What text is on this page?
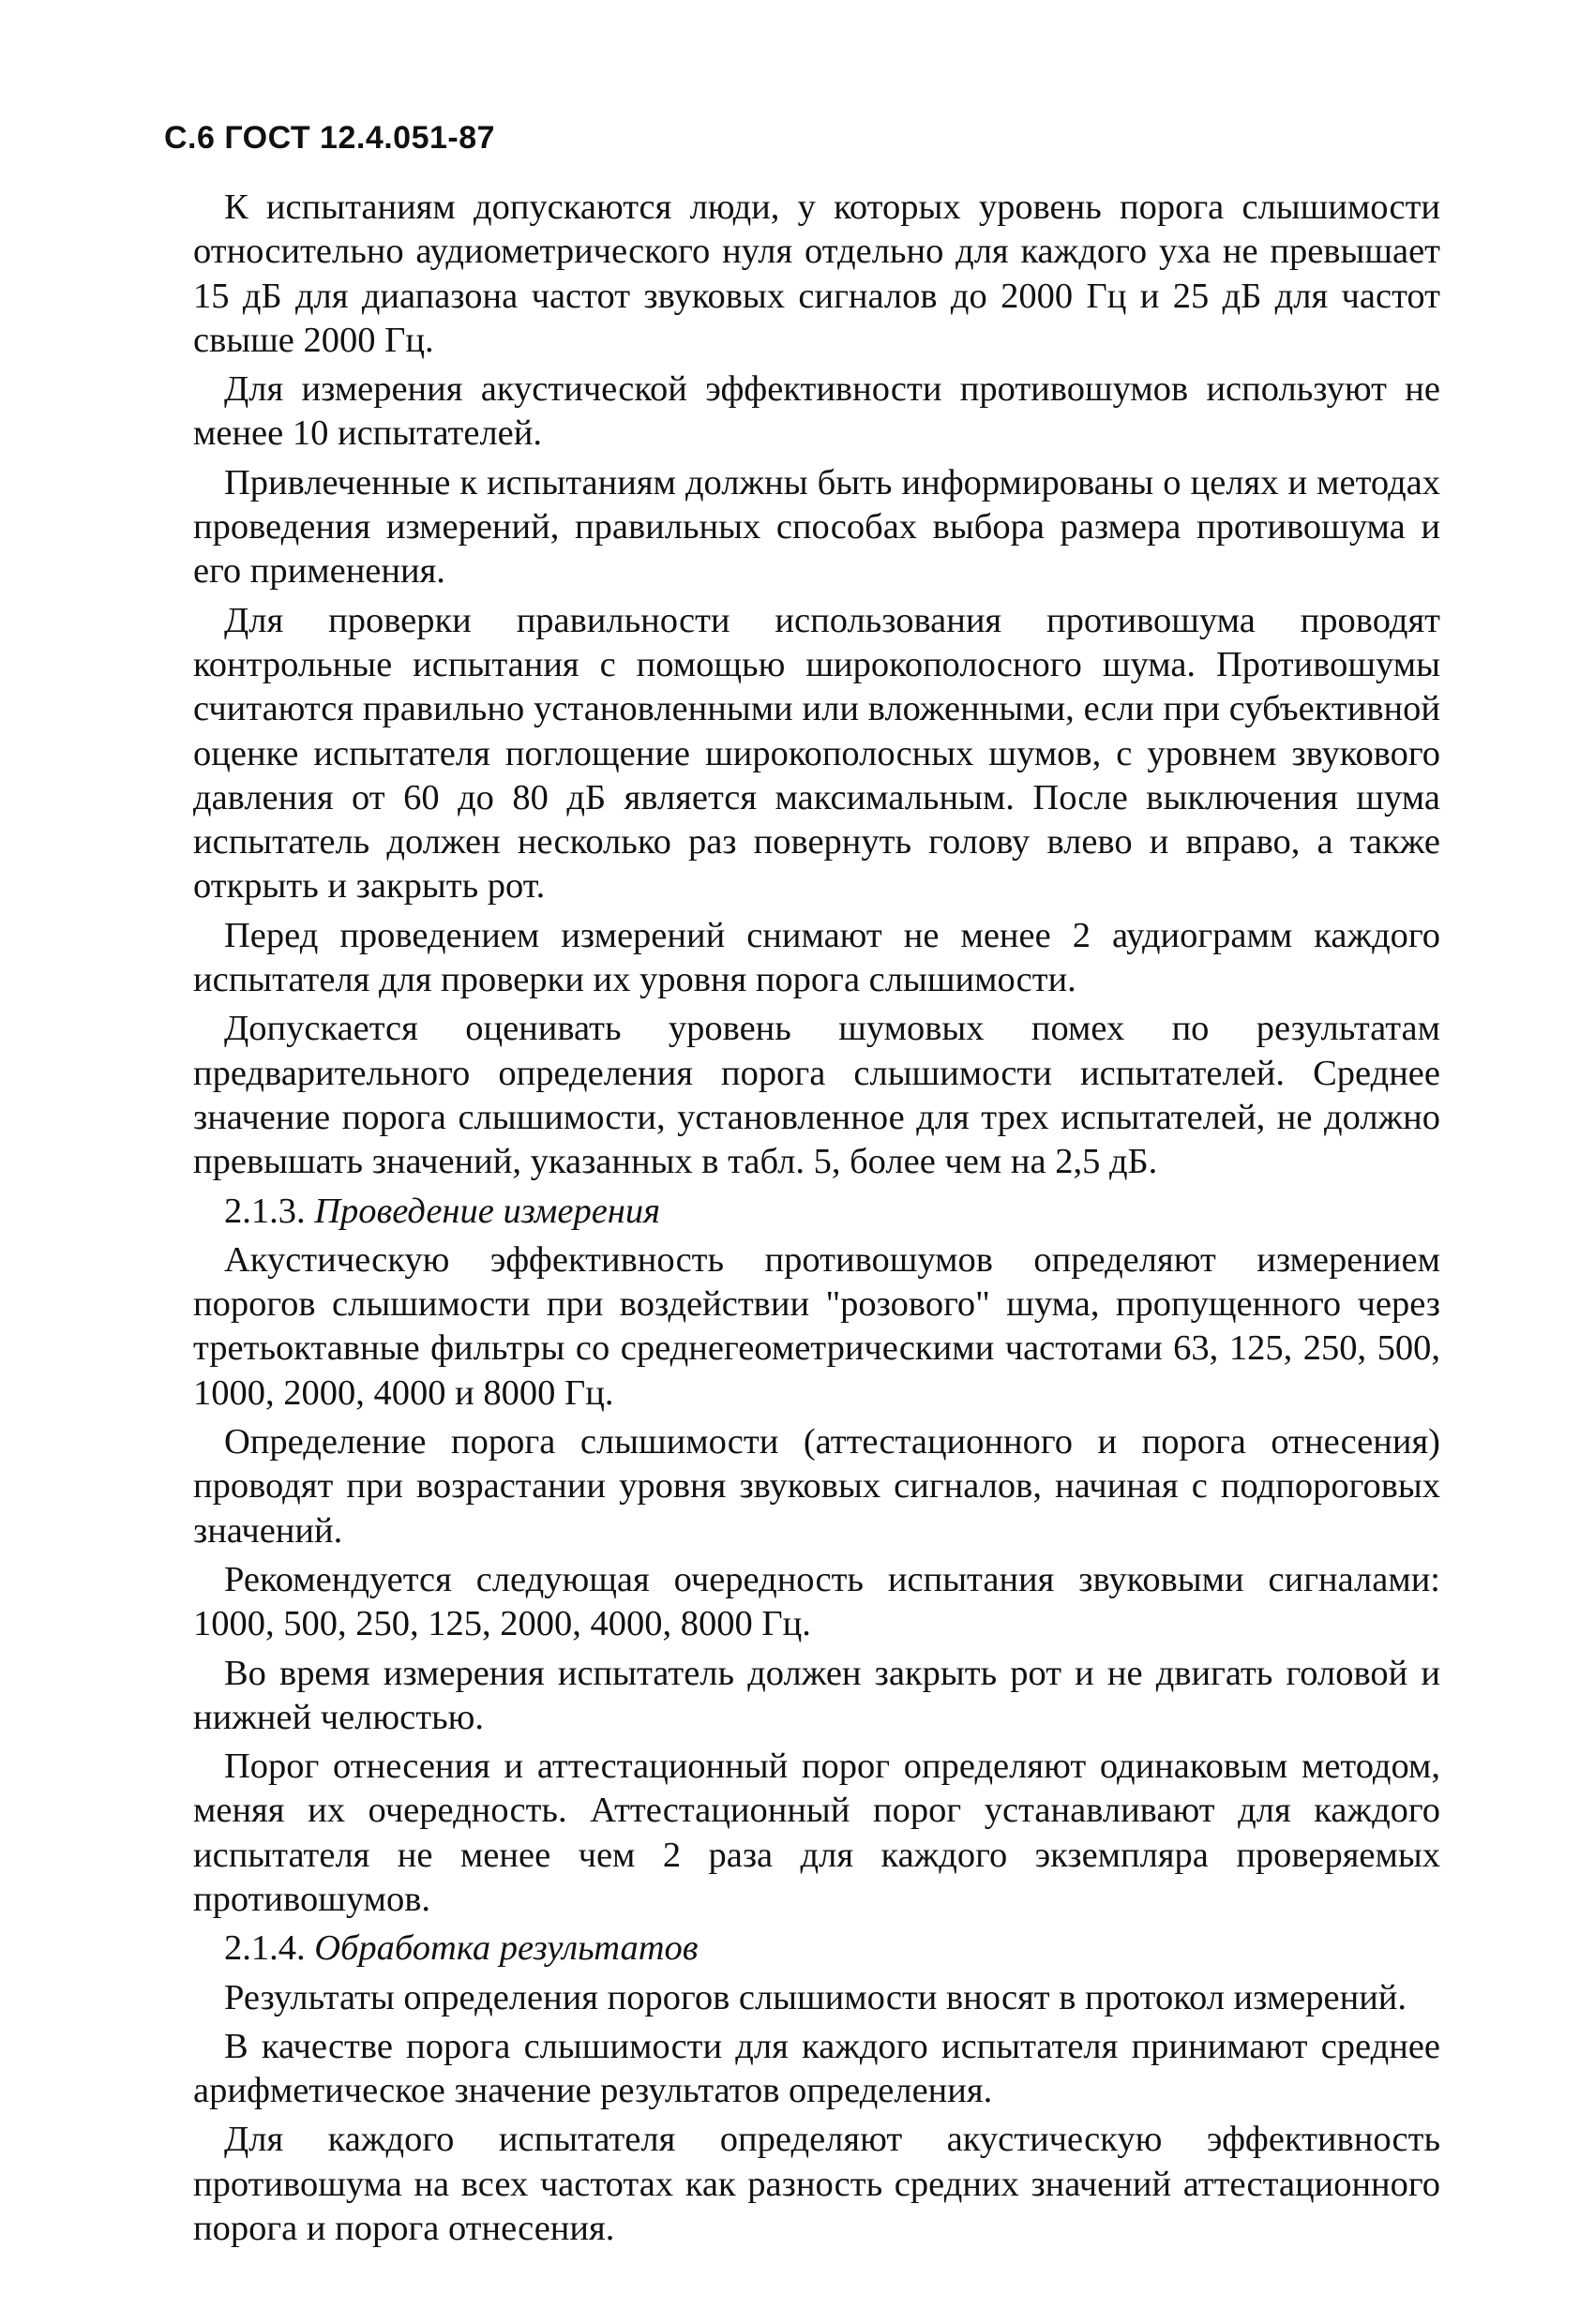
С.6 ГОСТ 12.4.051-87

К испытаниям допускаются люди, у которых уровень порога слышимости относительно аудиометрического нуля отдельно для каждого уха не превышает 15 дБ для диапазона частот звуковых сигналов до 2000 Гц и 25 дБ для частот свыше 2000 Гц.

Для измерения акустической эффективности противошумов используют не менее 10 испытателей.

Привлеченные к испытаниям должны быть информированы о целях и методах проведения измерений, правильных способах выбора размера противошума и его применения.

Для проверки правильности использования противошума проводят контрольные испытания с помощью широкополосного шума. Противошумы считаются правильно установленными или вложенными, если при субъективной оценке испытателя поглощение широкополосных шумов, с уровнем звукового давления от 60 до 80 дБ является максимальным. После выключения шума испытатель должен несколько раз повернуть голову влево и вправо, а также открыть и закрыть рот.

Перед проведением измерений снимают не менее 2 аудиограмм каждого испытателя для проверки их уровня порога слышимости.

Допускается оценивать уровень шумовых помех по результатам предварительного определения порога слышимости испытателей. Среднее значение порога слышимости, установленное для трех испытателей, не должно превышать значений, указанных в табл. 5, более чем на 2,5 дБ.

2.1.3. Проведение измерения

Акустическую эффективность противошумов определяют измерением порогов слышимости при воздействии "розового" шума, пропущенного через третьоктавные фильтры со среднегеометрическими частотами 63, 125, 250, 500, 1000, 2000, 4000 и 8000 Гц.

Определение порога слышимости (аттестационного и порога отнесения) проводят при возрастании уровня звуковых сигналов, начиная с подпороговых значений.

Рекомендуется следующая очередность испытания звуковыми сигналами: 1000, 500, 250, 125, 2000, 4000, 8000 Гц.

Во время измерения испытатель должен закрыть рот и не двигать головой и нижней челюстью.

Порог отнесения и аттестационный порог определяют одинаковым методом, меняя их очередность. Аттестационный порог устанавливают для каждого испытателя не менее чем 2 раза для каждого экземпляра проверяемых противошумов.

2.1.4. Обработка результатов

Результаты определения порогов слышимости вносят в протокол измерений.

В качестве порога слышимости для каждого испытателя принимают среднее арифметическое значение результатов определения.

Для каждого испытателя определяют акустическую эффективность противошума на всех частотах как разность средних значений аттестационного порога и порога отнесения.
